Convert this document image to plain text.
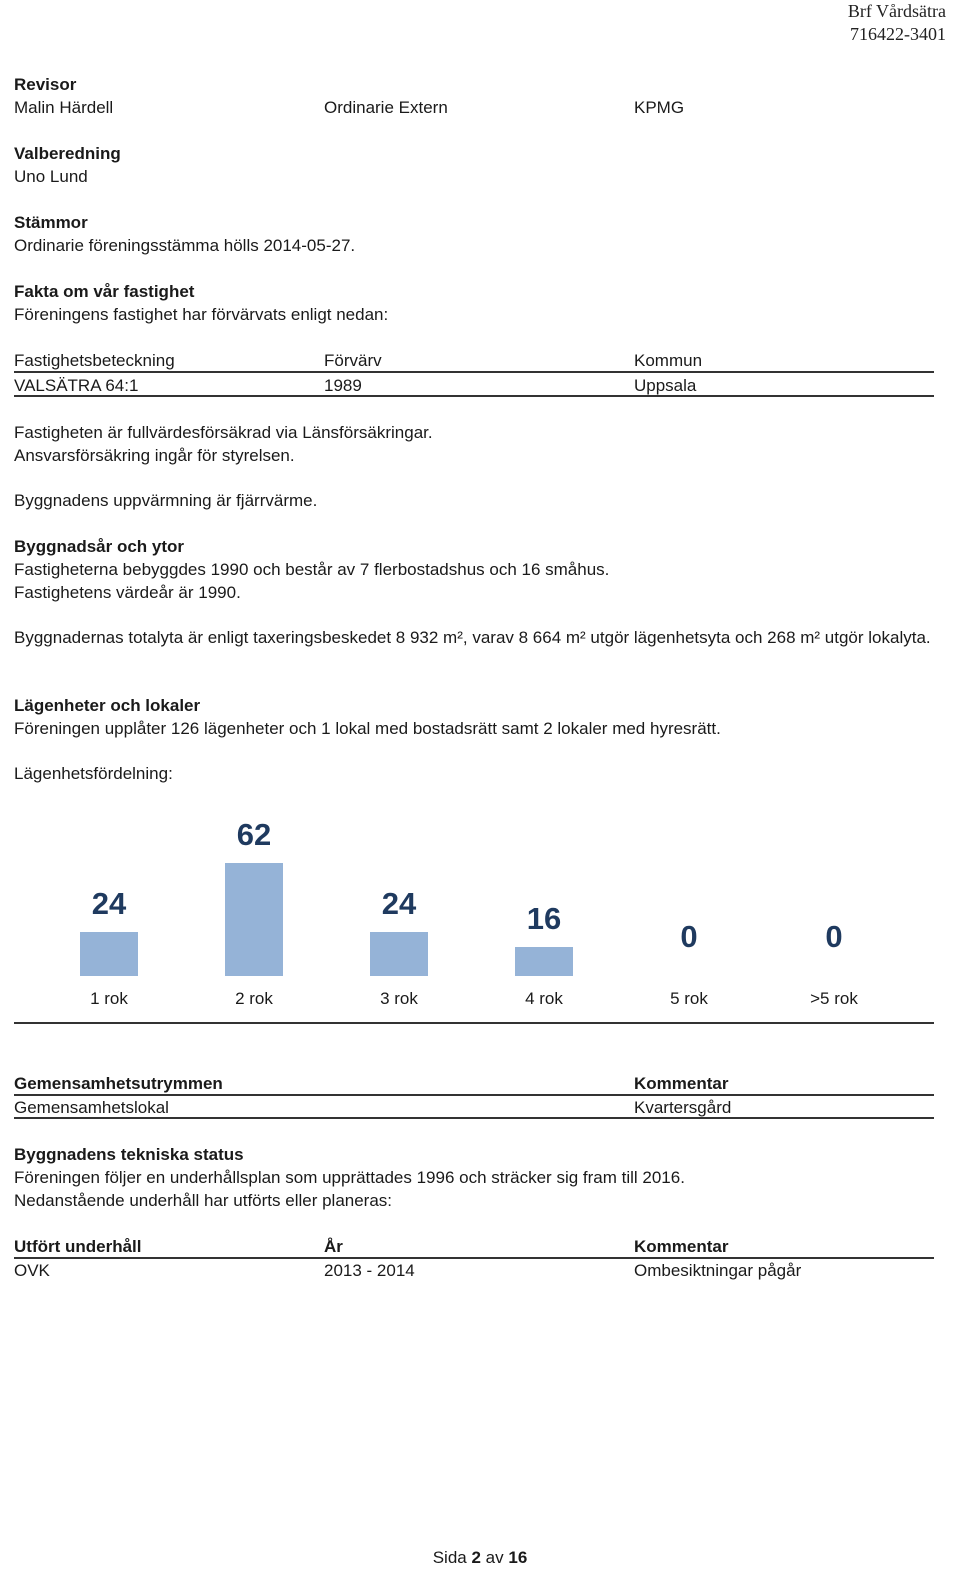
Brf Vårdsätra
716422-3401
Revisor
Malin Härdell	Ordinarie Extern	KPMG
Valberedning
Uno Lund
Stämmor
Ordinarie föreningsstämma hölls 2014-05-27.
Fakta om vår fastighet
Föreningens fastighet har förvärvats enligt nedan:
Fastighetsbeteckning	Förvärv	Kommun
VALSÄTRA 64:1	1989	Uppsala
Fastigheten är fullvärdesförsäkrad via Länsförsäkringar.
Ansvarsförsäkring ingår för styrelsen.
Byggnadens uppvärmning är fjärrvärme.
Byggnadsår och ytor
Fastigheterna bebyggdes 1990 och består av 7 flerbostadshus och 16 småhus.
Fastighetens värdeår är 1990.

Byggnadernas totalyta är enligt taxeringsbeskedet 8 932 m², varav 8 664 m² utgör lägenhetsyta och 268 m² utgör lokalyta.

Lägenheter och lokaler
Föreningen upplåter 126 lägenheter och 1 lokal med bostadsrätt samt 2 lokaler med hyresrätt.
Lägenhetsfördelning:
24
1 rok
62
2 rok
24
3 rok
16
4 rok
0
5 rok
0
>5 rok
Gemensamhetsutrymmen	Kommentar
Gemensamhetslokal	Kvartersgård
Byggnadens tekniska status
Föreningen följer en underhållsplan som upprättades 1996 och sträcker sig fram till 2016.
Nedanstående underhåll har utförts eller planeras:
Utfört underhåll	År	Kommentar
OVK	2013 - 2014	Ombesiktningar pågår
Sida 2 av 16
